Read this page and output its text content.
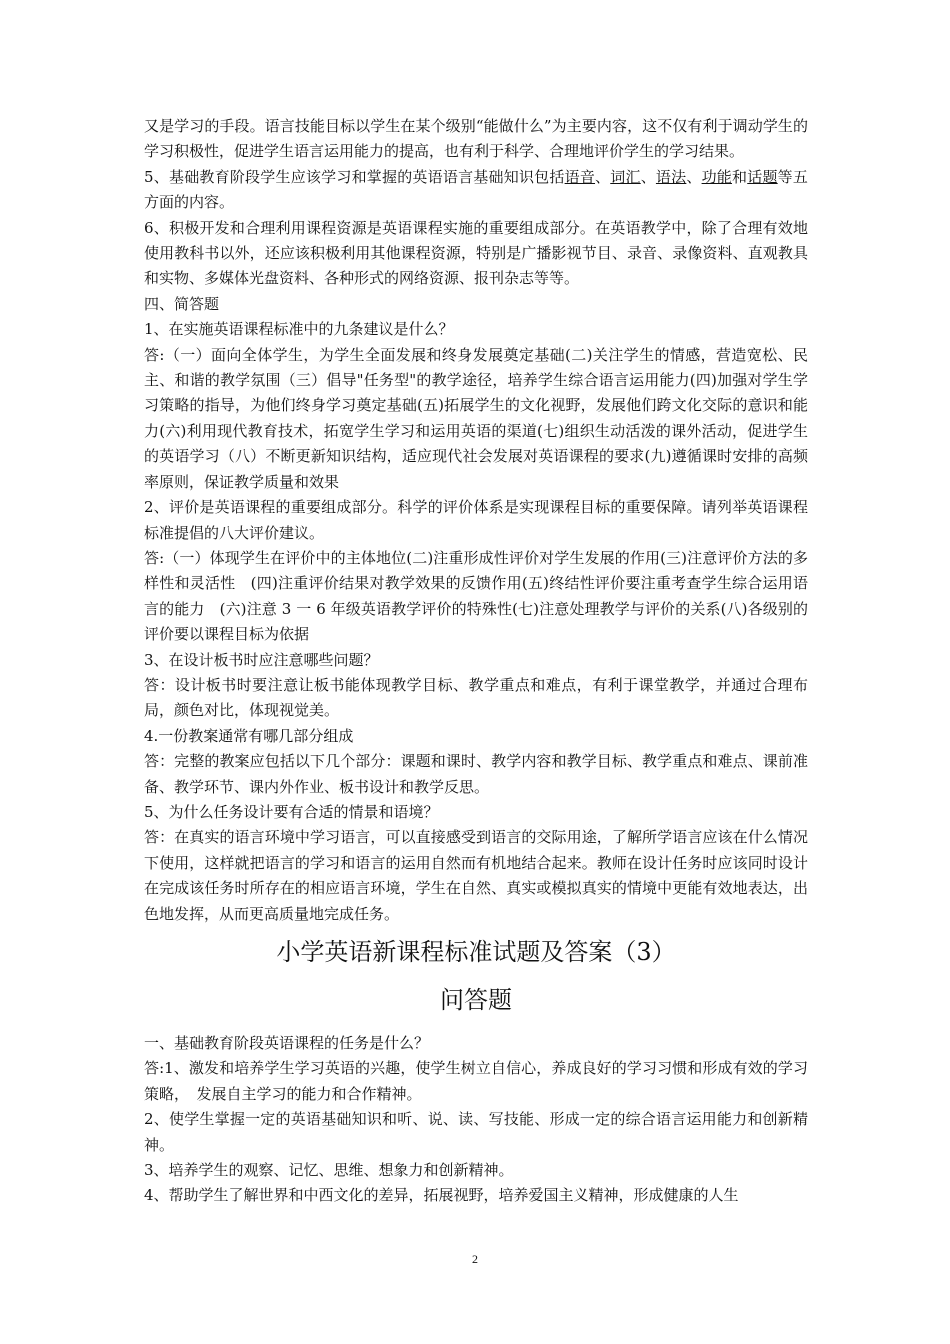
又是学习的手段。语言技能目标以学生在某个级别“能做什么”为主要内容，这不仅有利于调动学生的学习积极性，促进学生语言运用能力的提高，也有利于科学、合理地评价学生的学习结果。

5、基础教育阶段学生应该学习和掌握的英语语言基础知识包括语音、词汇、语法、功能和话题等五方面的内容。

6、积极开发和合理利用课程资源是英语课程实施的重要组成部分。在英语教学中，除了合理有效地使用教科书以外，还应该积极利用其他课程资源，特别是广播影视节目、录音、录像资料、直观教具和实物、多媒体光盘资料、各种形式的网络资源、报刊杂志等等。

四、简答题

1、在实施英语课程标准中的九条建议是什么？

答:（一）面向全体学生，为学生全面发展和终身发展奠定基础(二)关注学生的情感，营造宽松、民主、和谐的教学氛围（三）倡导"任务型"的教学途径，培养学生综合语言运用能力(四)加强对学生学习策略的指导，为他们终身学习奠定基础(五)拓展学生的文化视野，发展他们跨文化交际的意识和能力(六)利用现代教育技术，拓宽学生学习和运用英语的渠道(七)组织生动活泼的课外活动，促进学生的英语学习（八）不断更新知识结构，适应现代社会发展对英语课程的要求(九)遵循课时安排的高频率原则，保证教学质量和效果

2、评价是英语课程的重要组成部分。科学的评价体系是实现课程目标的重要保障。请列举英语课程标准提倡的八大评价建议。

答:（一）体现学生在评价中的主体地位(二)注重形成性评价对学生发展的作用(三)注意评价方法的多样性和灵活性　(四)注重评价结果对教学效果的反馈作用(五)终结性评价要注重考查学生综合运用语言的能力　(六)注意 3 一 6 年级英语教学评价的特殊性(七)注意处理教学与评价的关系(八)各级别的评价要以课程目标为依据

3、在设计板书时应注意哪些问题？

答：设计板书时要注意让板书能体现教学目标、教学重点和难点，有利于课堂教学，并通过合理布局，颜色对比，体现视觉美。

4.一份教案通常有哪几部分组成

答：完整的教案应包括以下几个部分：课题和课时、教学内容和教学目标、教学重点和难点、课前准备、教学环节、课内外作业、板书设计和教学反思。

5、为什么任务设计要有合适的情景和语境？

答：在真实的语言环境中学习语言，可以直接感受到语言的交际用途，了解所学语言应该在什么情况下使用，这样就把语言的学习和语言的运用自然而有机地结合起来。教师在设计任务时应该同时设计在完成该任务时所存在的相应语言环境，学生在自然、真实或模拟真实的情境中更能有效地表达，出色地发挥，从而更高质量地完成任务。

小学英语新课程标准试题及答案（3）
问答题

一、基础教育阶段英语课程的任务是什么？

答:1、激发和培养学生学习英语的兴趣，使学生树立自信心，养成良好的学习习惯和形成有效的学习策略，　发展自主学习的能力和合作精神。

2、使学生掌握一定的英语基础知识和听、说、读、写技能、形成一定的综合语言运用能力和创新精神。

3、培养学生的观察、记忆、思维、想象力和创新精神。

4、帮助学生了解世界和中西文化的差异，拓展视野，培养爱国主义精神，形成健康的人生

2
